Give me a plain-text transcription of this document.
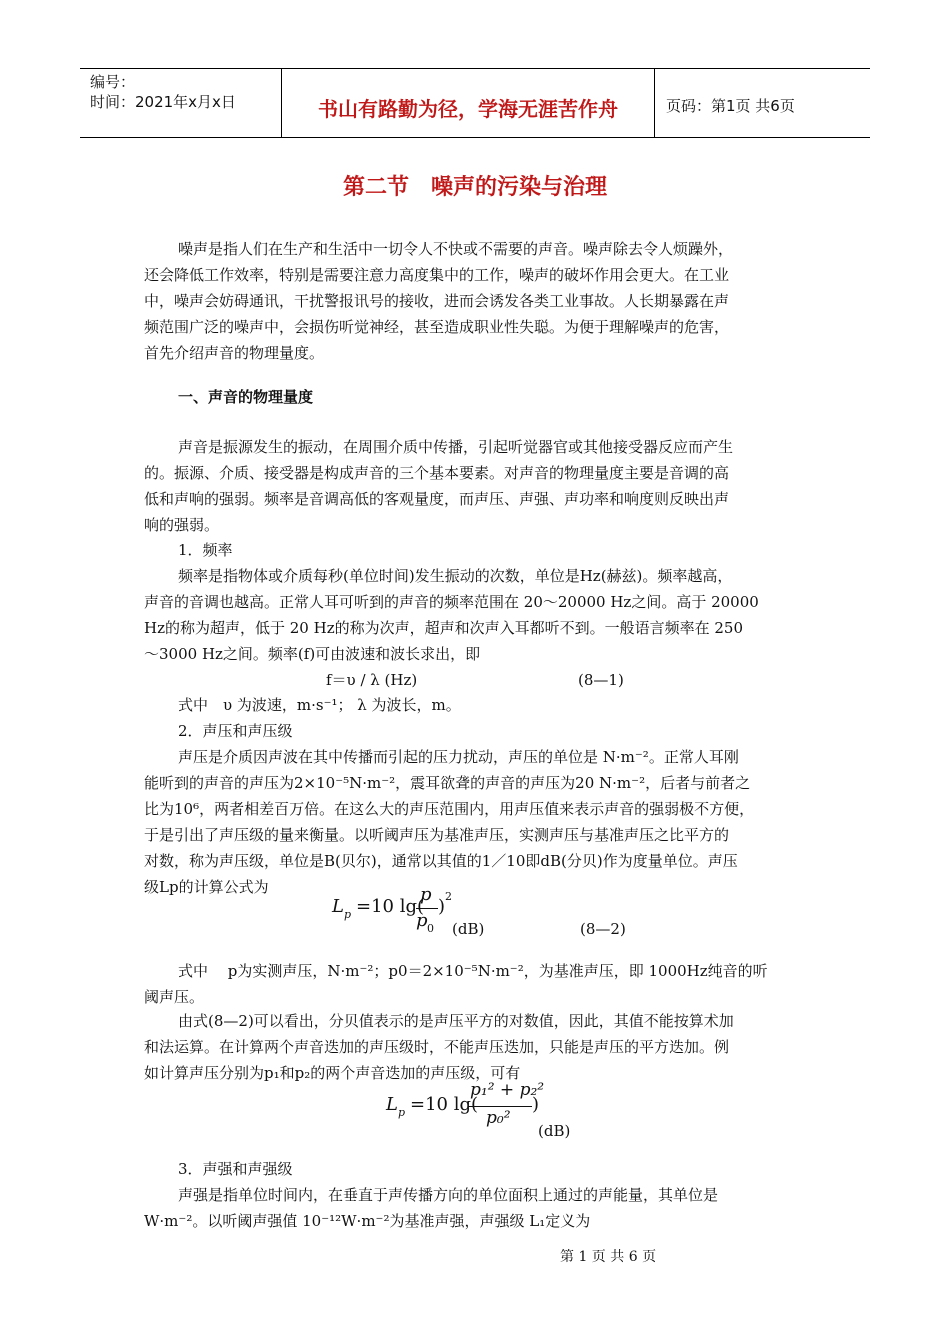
编号：
时间：2021年x月x日	书山有路勤为径，学海无涯苦作舟	页码：第1页 共6页
第二节　噪声的污染与治理
噪声是指人们在生产和生活中一切令人不快或不需要的声音。噪声除去令人烦躁外，
还会降低工作效率，特别是需要注意力高度集中的工作，噪声的破坏作用会更大。在工业
中，噪声会妨碍通讯，干扰警报讯号的接收，进而会诱发各类工业事故。人长期暴露在声
频范围广泛的噪声中，会损伤听觉神经，甚至造成职业性失聪。为便于理解噪声的危害，
首先介绍声音的物理量度。
一、声音的物理量度
声音是振源发生的振动，在周围介质中传播，引起听觉器官或其他接受器反应而产生
的。振源、介质、接受器是构成声音的三个基本要素。对声音的物理量度主要是音调的高
低和声响的强弱。频率是音调高低的客观量度，而声压、声强、声功率和响度则反映出声
响的强弱。
1．频率
频率是指物体或介质每秒(单位时间)发生振动的次数，单位是Hz(赫兹)。频率越高，
声音的音调也越高。正常人耳可听到的声音的频率范围在 20～20000 Hz之间。高于 20000
Hz的称为超声，低于 20 Hz的称为次声，超声和次声入耳都听不到。一般语言频率在 250
～3000 Hz之间。频率(f)可由波速和波长求出，即
f＝υ / λ (Hz)	(8—1)
式中　υ 为波速，m·s⁻¹； λ 为波长，m。
2．声压和声压级
声压是介质因声波在其中传播而引起的压力扰动，声压的单位是 N·m⁻²。正常人耳刚
能听到的声音的声压为2×10⁻⁵N·m⁻²，震耳欲聋的声音的声压为20 N·m⁻²，后者与前者之
比为10⁶，两者相差百万倍。在这么大的声压范围内，用声压值来表示声音的强弱极不方便，
于是引出了声压级的量来衡量。以听阈声压为基准声压，实测声压与基准声压之比平方的
对数，称为声压级，单位是B(贝尔)，通常以其值的1／10即dB(分贝)作为度量单位。声压
级Lp的计算公式为
L p =10 lg(
p
p 0
) 2
(dB)	(8—2)
式中　 p为实测声压，N·m⁻²；p0＝2×10⁻⁵N·m⁻²，为基准声压，即 1000Hz纯音的听
阈声压。
由式(8—2)可以看出，分贝值表示的是声压平方的对数值，因此，其值不能按算术加
和法运算。在计算两个声音迭加的声压级时，不能声压迭加，只能是声压的平方迭加。例
如计算声压分别为p₁和p₂的两个声音迭加的声压级，可有
L p =10 lg(
p₁² + p₂²
p₀²
)
(dB)
3．声强和声强级
声强是指单位时间内，在垂直于声传播方向的单位面积上通过的声能量，其单位是
W·m⁻²。以听阈声强值 10⁻¹²W·m⁻²为基准声强，声强级 L₁定义为
第 1 页 共 6 页
